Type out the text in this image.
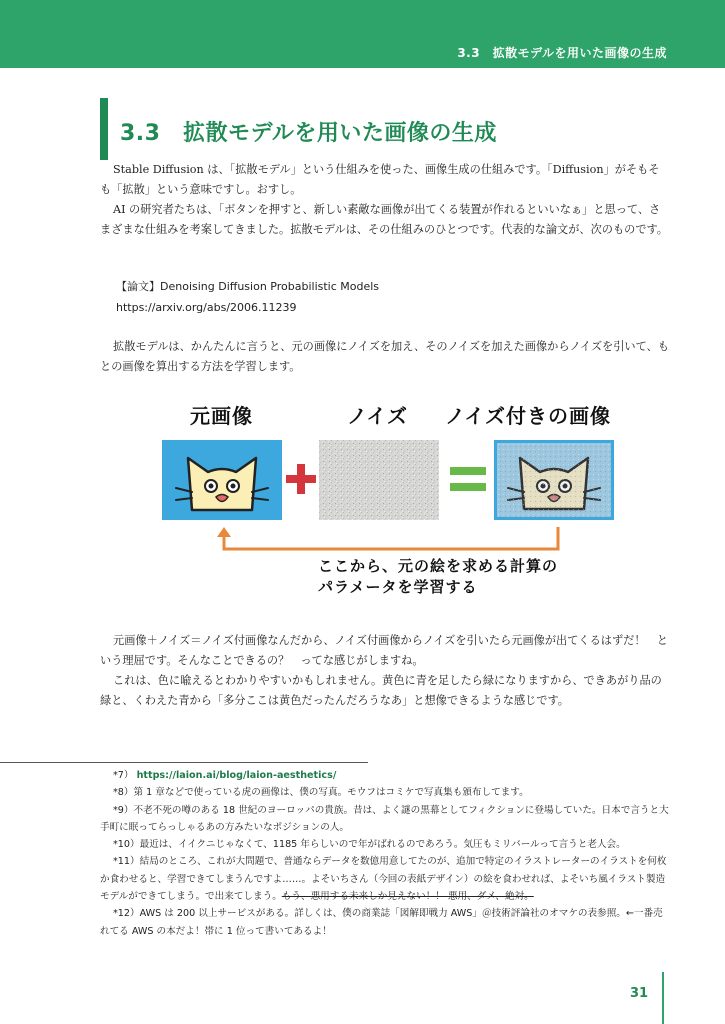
3.3　拡散モデルを用いた画像の生成
3.3　拡散モデルを用いた画像の生成

Stable Diffusion は、「拡散モデル」という仕組みを使った、画像生成の仕組みです。「Diffusion」がそもそも「拡散」という意味ですし。おすし。

AI の研究者たちは、「ボタンを押すと、新しい素敵な画像が出てくる装置が作れるといいなぁ」と思って、さまざまな仕組みを考案してきました。拡散モデルは、その仕組みのひとつです。代表的な論文が、次のものです。

【論文】Denoising Diffusion Probabilistic Models
https://arxiv.org/abs/2006.11239

拡散モデルは、かんたんに言うと、元の画像にノイズを加え、そのノイズを加えた画像からノイズを引いて、もとの画像を算出する方法を学習します。

元画像	ノイズ ノイズ付きの画像
ここから、元の絵を求める計算の
パラメータを学習する

元画像＋ノイズ＝ノイズ付画像なんだから、ノイズ付画像からノイズを引いたら元画像が出てくるはずだ！　という理屈です。そんなことできるの？　ってな感じがしますね。

これは、色に喩えるとわかりやすいかもしれません。黄色に青を足したら緑になりますから、できあがり品の緑と、くわえた青から「多分ここは黄色だったんだろうなあ」と想像できるような感じです。

*7） https://laion.ai/blog/laion-aesthetics/
*8）第 1 章などで使っている虎の画像は、僕の写真。モウフはコミケで写真集も頒布してます。
*9）不老不死の噂のある 18 世紀のヨーロッパの貴族。昔は、よく謎の黒幕としてフィクションに登場していた。日本で言うと大手町に眠ってらっしゃるあの方みたいなポジションの人。
*10）最近は、イイクニじゃなくて、1185 年らしいので年がばれるのであろう。気圧もミリバールって言うと老人会。
*11）結局のところ、これが大問題で、普通ならデータを数億用意してたのが、追加で特定のイラストレーターのイラストを何枚か食わせると、学習できてしまうんですよ……。よそいちさん（今回の表紙デザイン）の絵を食わせれば、よそいち風イラスト製造モデルができてしまう。で出来てしまう。もう、悪用する未来しか見えない！！ 悪用、ダメ、絶対。
*12）AWS は 200 以上サービスがある。詳しくは、僕の商業誌「図解即戦力 AWS」＠技術評論社のオマケの表参照。←一番売れてる AWS の本だよ！帯に 1 位って書いてあるよ！
31
